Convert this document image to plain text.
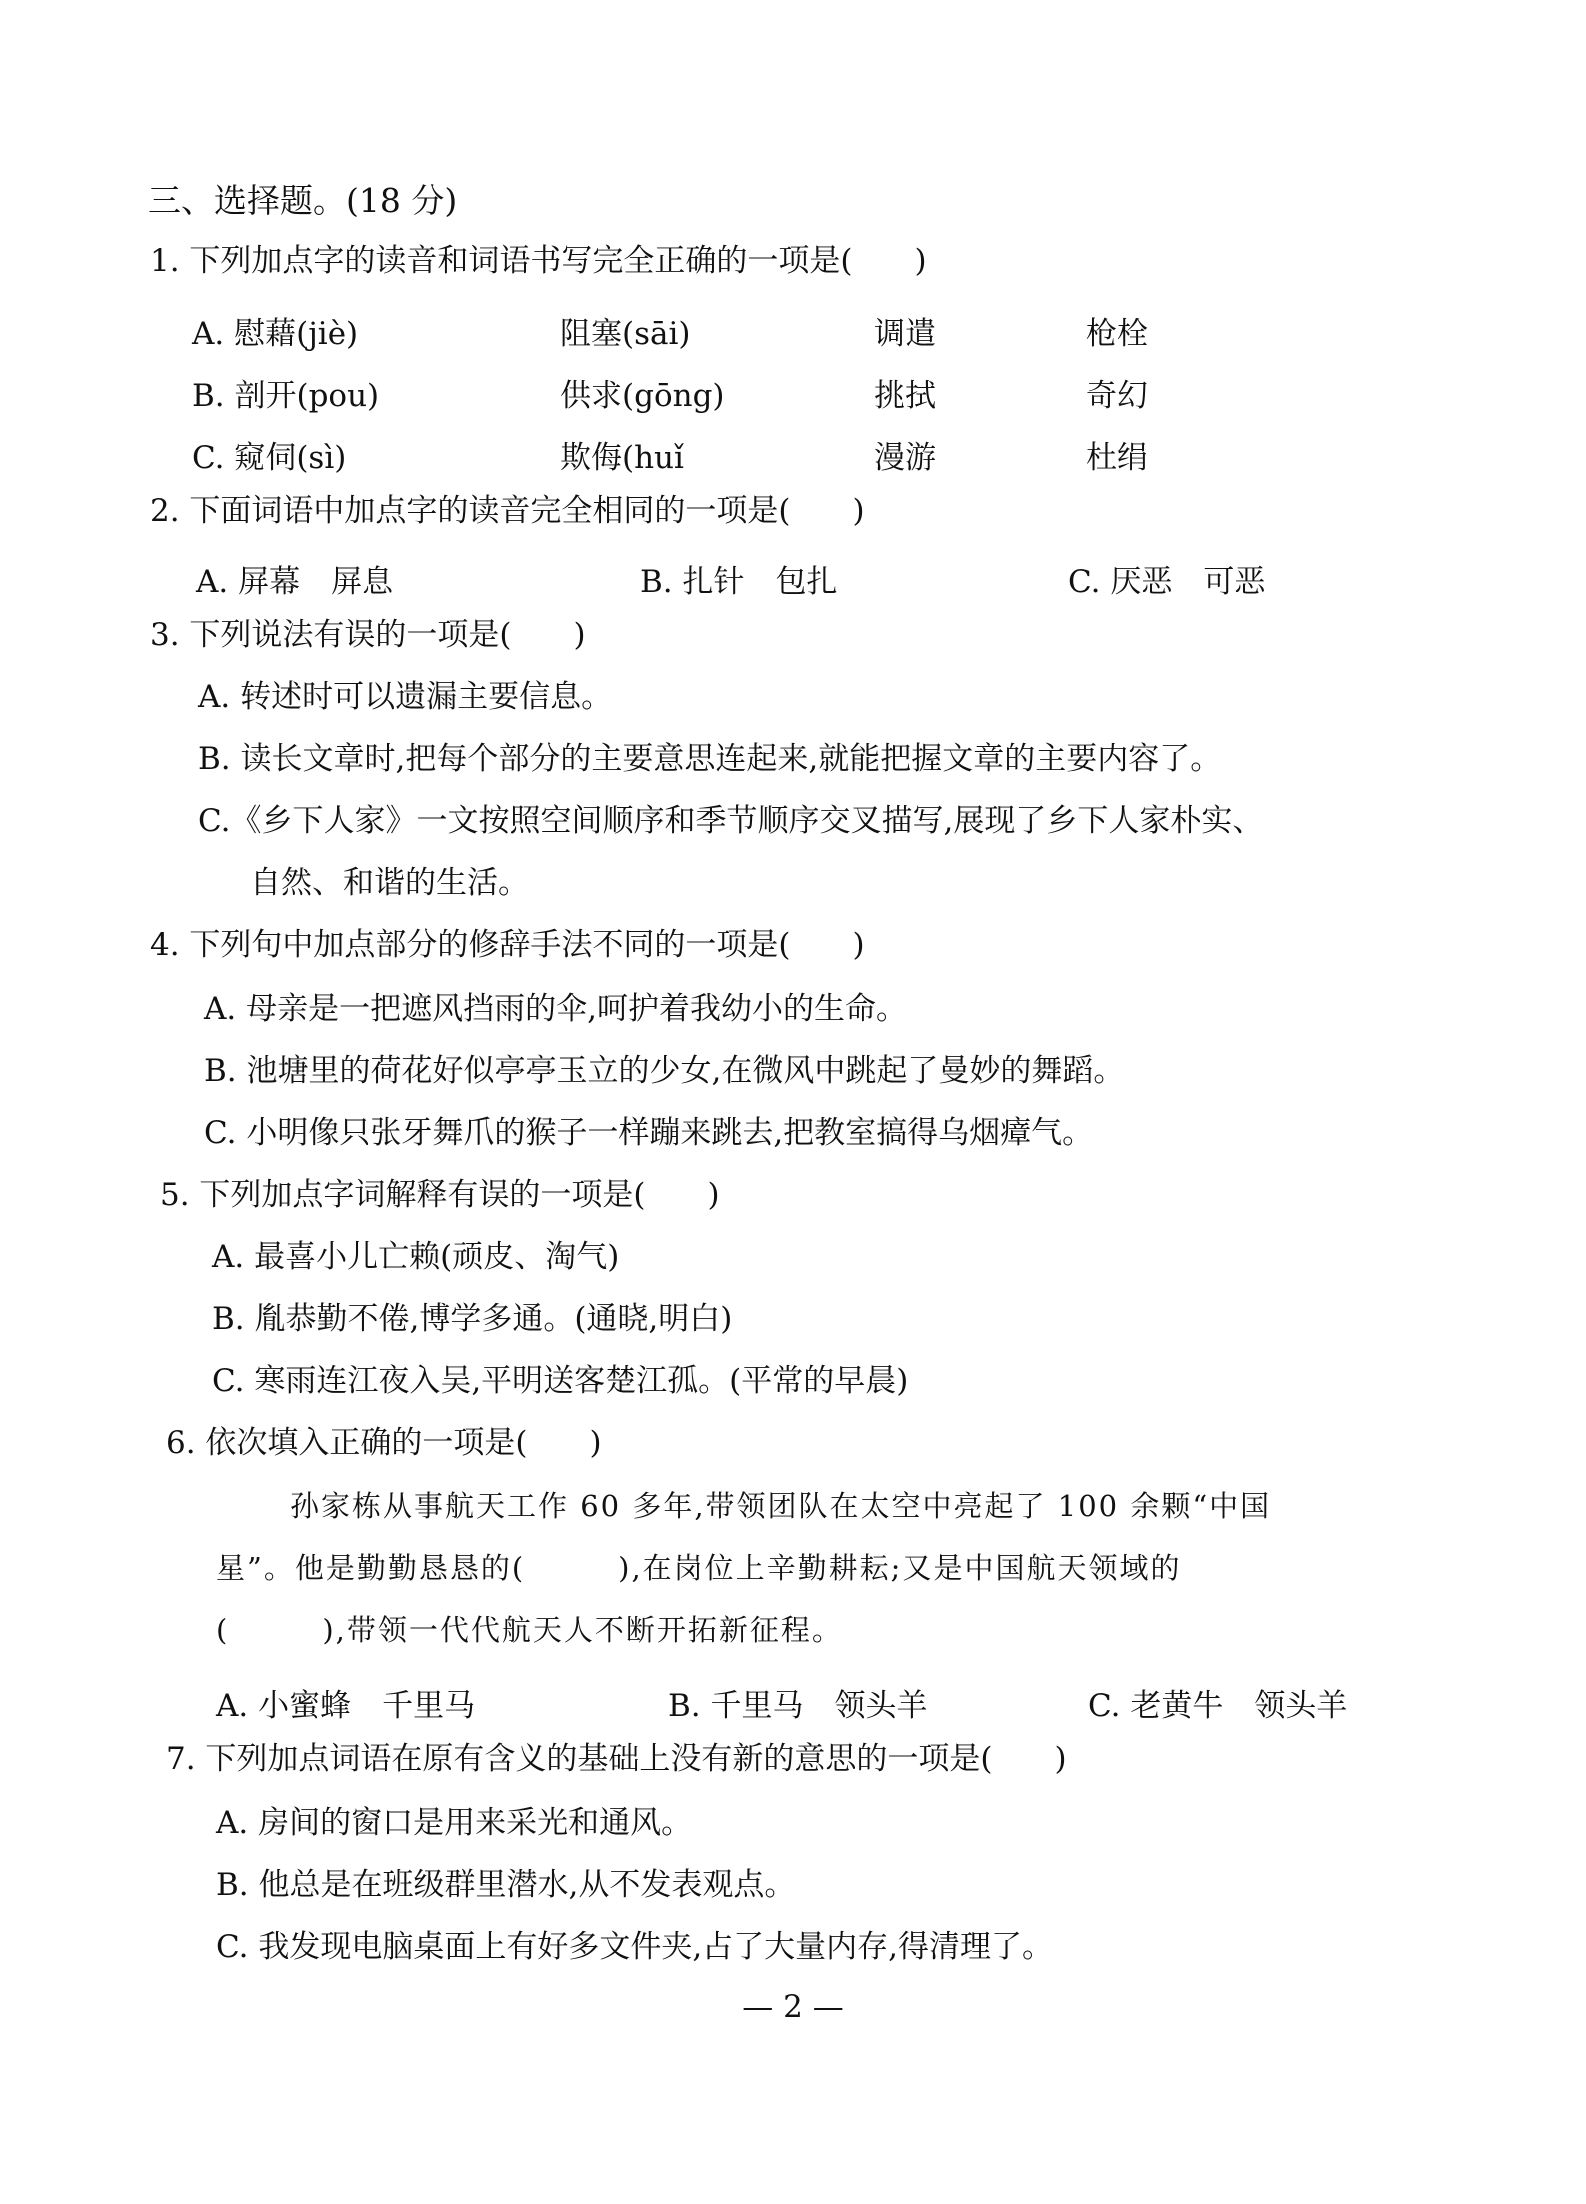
三、选择题。(18 分)
1. 下列加点字的读音和词语书写完全正确的一项是(　　)
A. 慰藉(jiè)	阻塞(sāi)	调遣	枪栓
B. 剖开(pou)	供求(gōng)	挑拭	奇幻
C. 窥伺(sì)	欺侮(huǐ	漫游	杜绢
2. 下面词语中加点字的读音完全相同的一项是(　　)
A. 屏幕　屏息	B. 扎针　包扎	C. 厌恶　可恶
3. 下列说法有误的一项是(　　)
A. 转述时可以遗漏主要信息。
B. 读长文章时,把每个部分的主要意思连起来,就能把握文章的主要内容了。
C.《乡下人家》一文按照空间顺序和季节顺序交叉描写,展现了乡下人家朴实、
自然、和谐的生活。
4. 下列句中加点部分的修辞手法不同的一项是(　　)
A. 母亲是一把遮风挡雨的伞,呵护着我幼小的生命。
B. 池塘里的荷花好似亭亭玉立的少女,在微风中跳起了曼妙的舞蹈。
C. 小明像只张牙舞爪的猴子一样蹦来跳去,把教室搞得乌烟瘴气。
5. 下列加点字词解释有误的一项是(　　)
A. 最喜小儿亡赖(顽皮、淘气)
B. 胤恭勤不倦,博学多通。(通晓,明白)
C. 寒雨连江夜入吴,平明送客楚江孤。(平常的早晨)
6. 依次填入正确的一项是(　　)
孙家栋从事航天工作 60 多年,带领团队在太空中亮起了 100 余颗“中国
星”。他是勤勤恳恳的(　　　),在岗位上辛勤耕耘;又是中国航天领域的
(　　　),带领一代代航天人不断开拓新征程。
A. 小蜜蜂　千里马	B. 千里马　领头羊	C. 老黄牛　领头羊
7. 下列加点词语在原有含义的基础上没有新的意思的一项是(　　)
A. 房间的窗口是用来采光和通风。
B. 他总是在班级群里潜水,从不发表观点。
C. 我发现电脑桌面上有好多文件夹,占了大量内存,得清理了。
— 2 —
